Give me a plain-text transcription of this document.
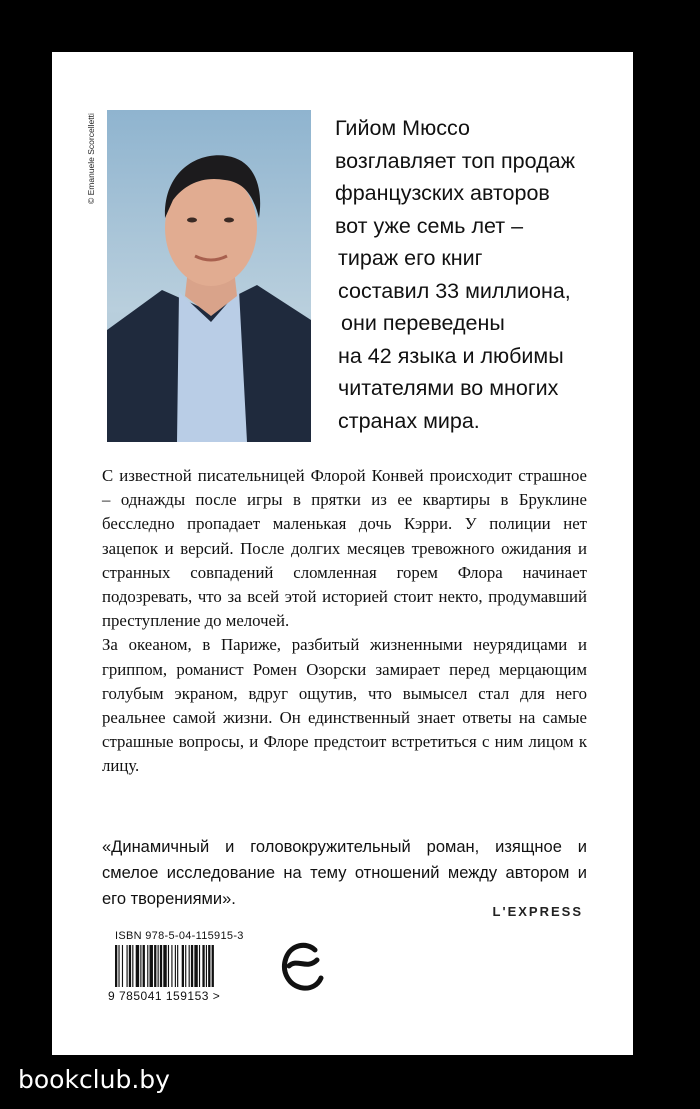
© Emanuele Scorcelletti	Гийом Мюссо
возглавляет топ продаж
французских авторов
вот уже семь лет –
тираж его книг
составил 33 миллиона,
они переведены
на 42 языка и любимы
читателями во многих
странах мира.

С известной писательницей Флорой Конвей происходит страшное – однажды после игры в прятки из ее квартиры в Бруклине бесследно пропадает маленькая дочь Кэрри. У полиции нет зацепок и версий. После долгих месяцев тревожного ожидания и странных совпадений сломленная горем Флора начинает подозревать, что за всей этой историей стоит некто, продумавший преступление до мелочей.

За океаном, в Париже, разбитый жизненными неурядицами и гриппом, романист Ромен Озорски замирает перед мерцающим голубым экраном, вдруг ощутив, что вымысел стал для него реальнее самой жизни. Он единственный знает ответы на самые страшные вопросы, и Флоре предстоит встретиться с ним лицом к лицу.

«Динамичный и головокружительный роман, изящное и смелое исследование на тему отношений между автором и его творениями».
L'EXPRESS
ISBN 978-5-04-115915-3
9 785041 159153 >
bookclub.by
